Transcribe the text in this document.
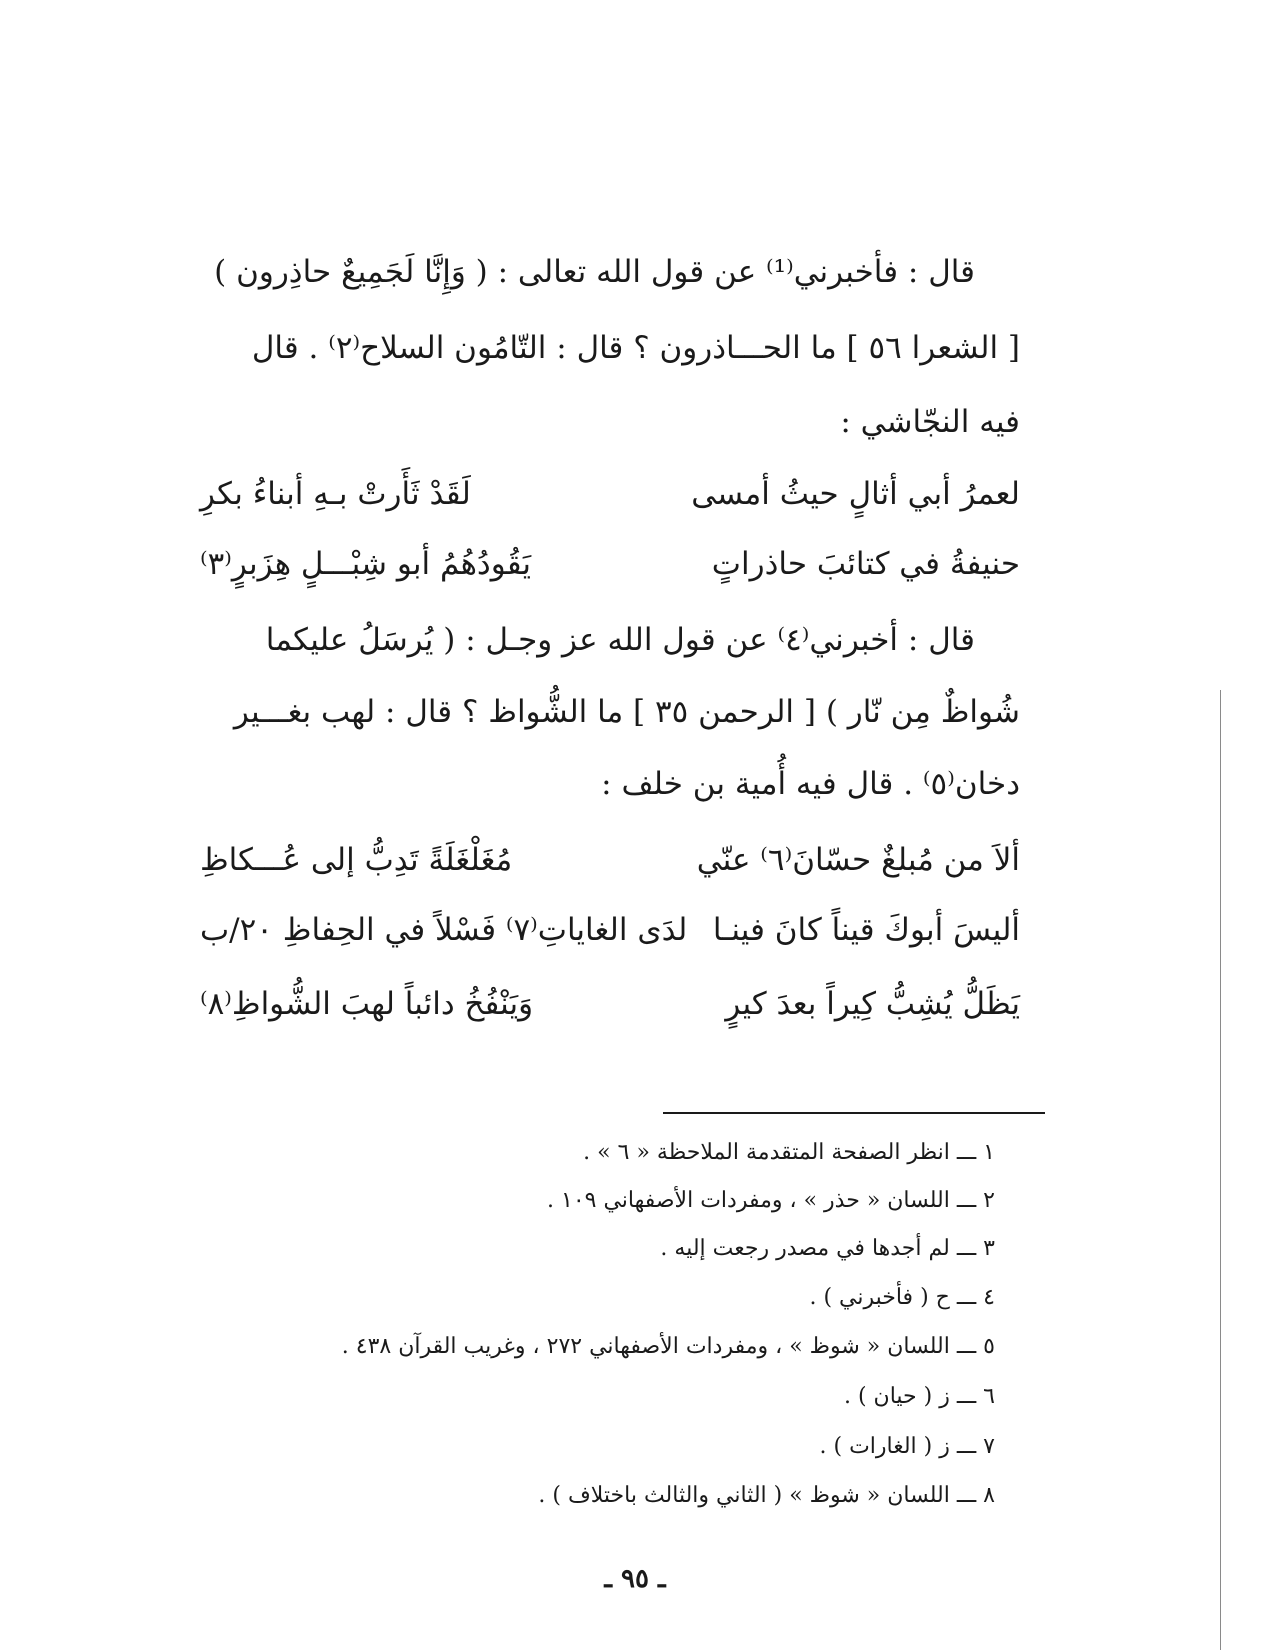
قال : فأخبرني⁽¹⁾ عن قول الله تعالى : ( وَإِنَّا لَجَمِيعٌ حاذِرون )
[ الشعرا ٥٦ ] ما الحـــاذرون ؟ قال : التّامُون السلاح⁽٢⁾ . قال
فيه النجّاشي :
لعمرُ أبي أثالٍ حيثُ أمسى
لَقَدْ ثَأَرتْ بـهِ أبناءُ بكرِ
حنيفةُ في كتائبَ حاذراتٍ
يَقُودُهُمُ أبو شِبْـــلٍ هِزَبرٍ⁽٣⁾
قال : أخبرني⁽٤⁾ عن قول الله عز وجـل : ( يُرسَلُ عليكما
شُواظٌ مِن نّار ) [ الرحمن ٣٥ ] ما الشُّواظ ؟ قال : لهب بغـــير
دخان⁽٥⁾ . قال فيه أُمية بن خلف :
ألاَ من مُبلغٌ حسّانَ⁽٦⁾ عنّي
مُغَلْغَلَةً تَدِبُّ إلى عُـــكاظِ
أليسَ أبوكَ قيناً كانَ فينـا
لدَى الغاياتِ⁽٧⁾ فَسْلاً في الحِفاظِ ٢٠/ب
يَظَلُّ يُشِبُّ كِيراً بعدَ كيرٍ
وَيَنْفُخُ دائباً لهبَ الشُّواظِ⁽٨⁾
١ ـــ انظر الصفحة المتقدمة الملاحظة « ٦ » .
٢ ـــ اللسان « حذر » ، ومفردات الأصفهاني ١٠٩ .
٣ ـــ لم أجدها في مصدر رجعت إليه .
٤ ـــ ح ( فأخبرني ) .
٥ ـــ اللسان « شوظ » ، ومفردات الأصفهاني ٢٧٢ ، وغريب القرآن ٤٣٨ .
٦ ـــ ز ( حيان ) .
٧ ـــ ز ( الغارات ) .
٨ ـــ اللسان « شوظ » ( الثاني والثالث باختلاف ) .
ـ ٩٥ ـ
